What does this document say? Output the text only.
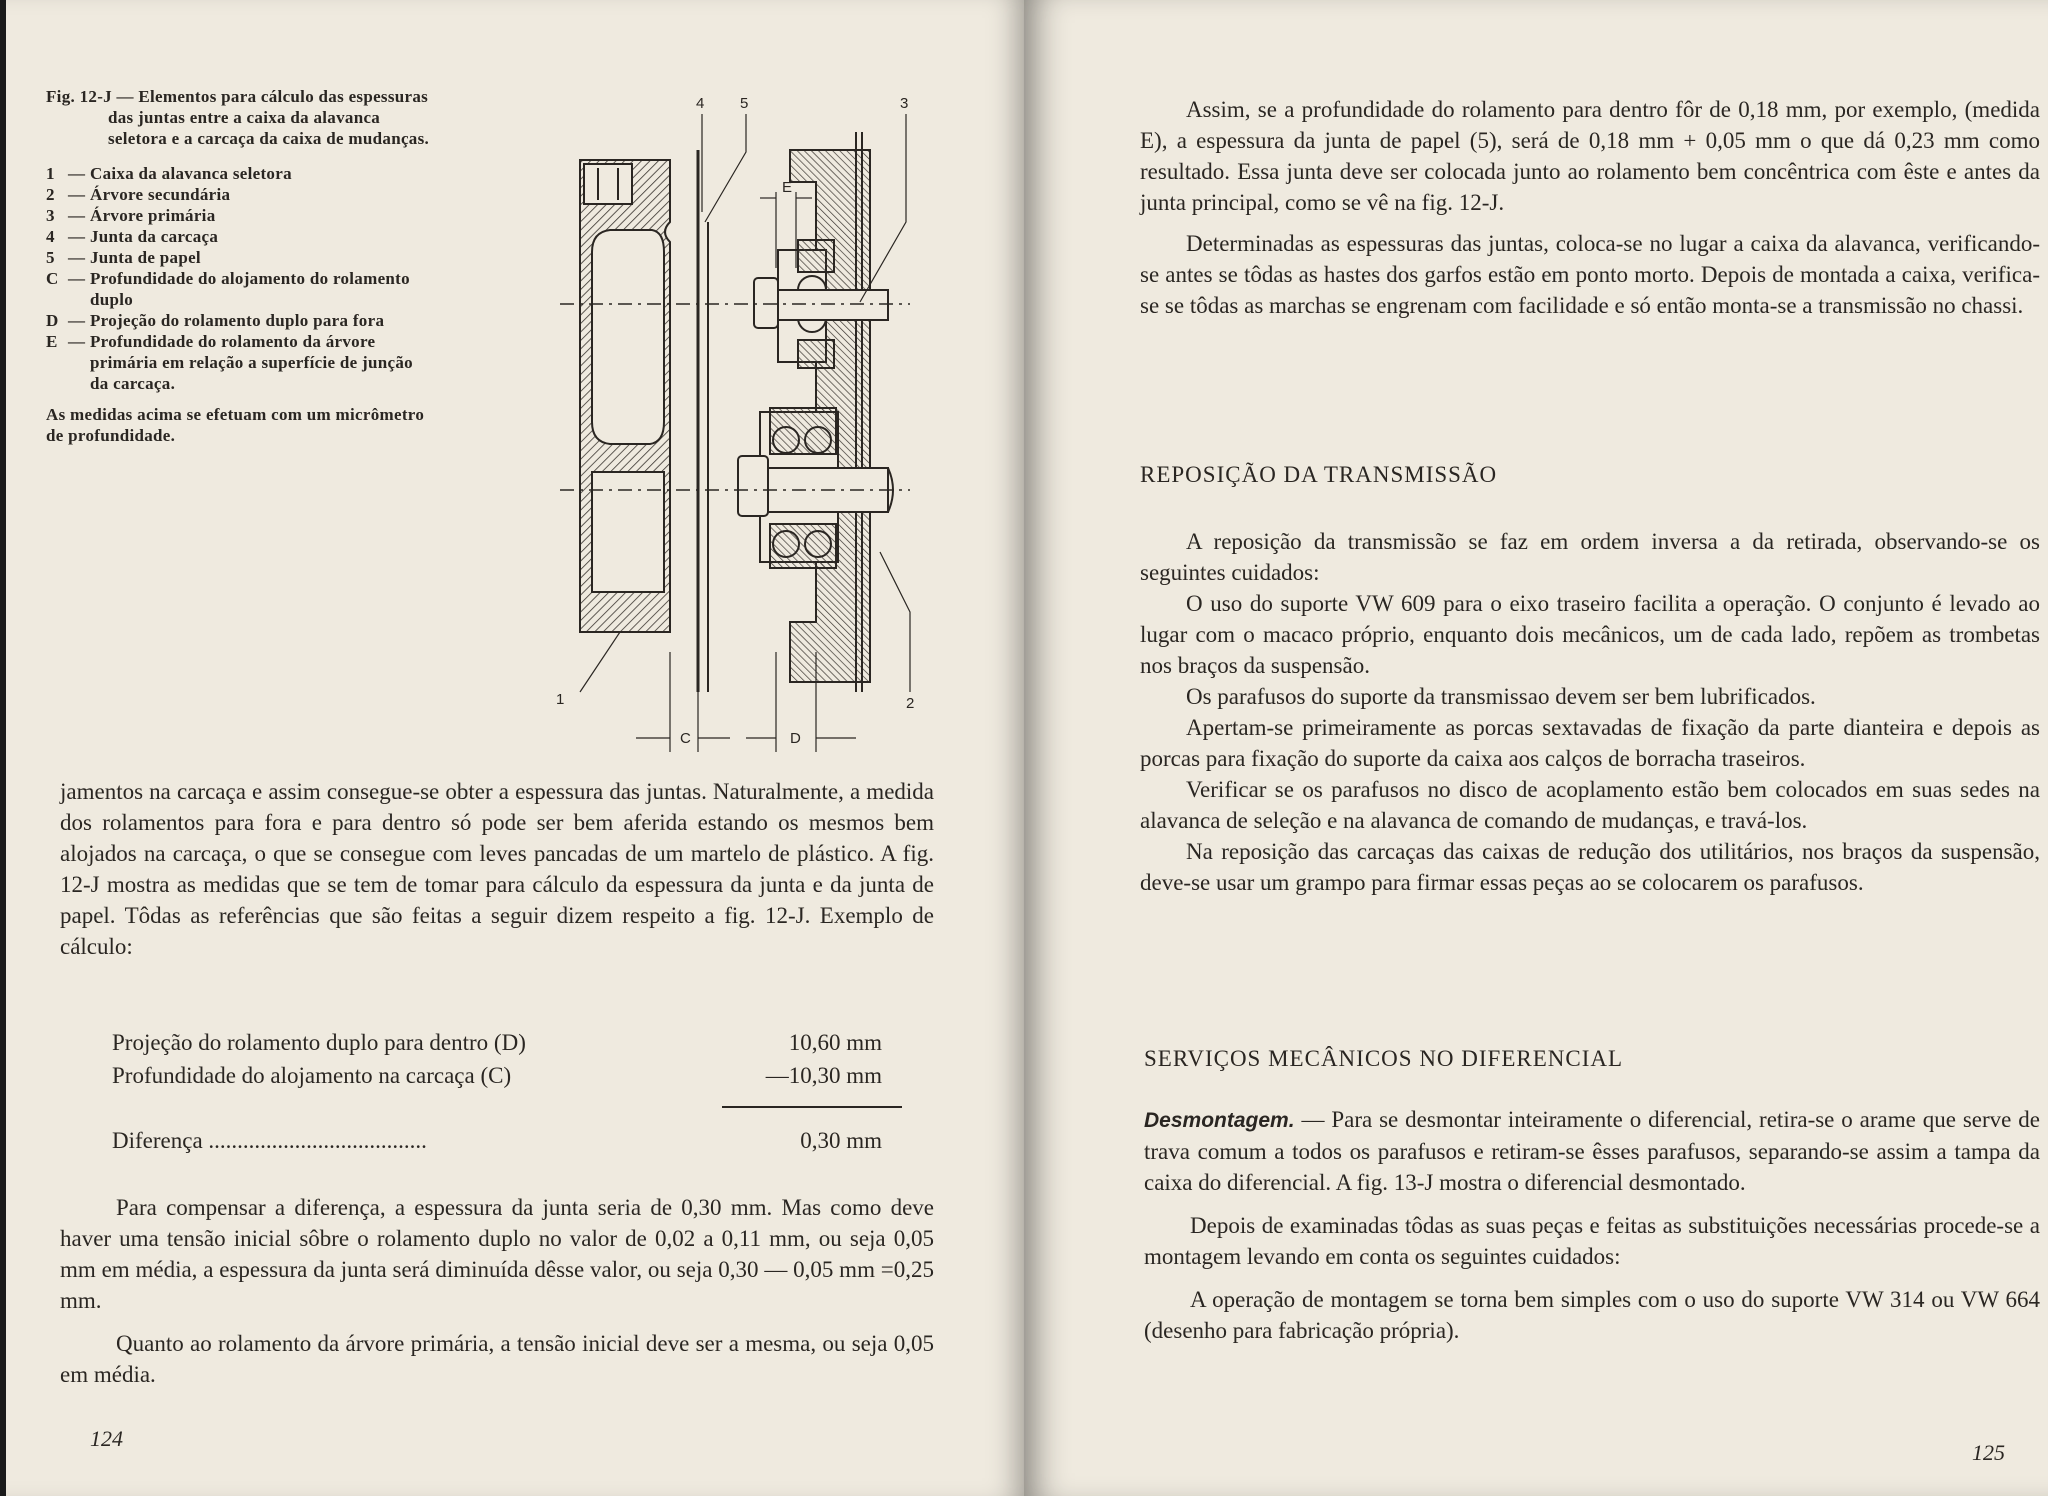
Fig. 12-J — Elementos para cálculo das espessuras das juntas entre a caixa da alavanca seletora e a carcaça da caixa de mudanças.
1 — Caixa da alavanca seletora
2 — Árvore secundária
3 — Árvore primária
4 — Junta da carcaça
5 — Junta de papel
C — Profundidade do alojamento do rolamento duplo
D — Projeção do rolamento duplo para fora
E — Profundidade do rolamento da árvore primária em relação a superfície de junção da carcaça.
As medidas acima se efetuam com um micrômetro de profundidade.
4 5	3
E
1	2
C	D
jamentos na carcaça e assim consegue-se obter a espessura das juntas. Naturalmente, a medida dos rolamentos para fora e para dentro só pode ser bem aferida estando os mesmos bem alojados na carcaça, o que se consegue com leves pancadas de um martelo de plástico. A fig. 12-J mostra as medidas que se tem de tomar para cálculo da espessura da junta e da junta de papel. Tôdas as referências que são feitas a seguir dizem respeito a fig. 12-J. Exemplo de cálculo:
Projeção do rolamento duplo para dentro (D)	10,60 mm
Profundidade do alojamento na carcaça (C)	—10,30 mm
Diferença ......................................	0,30 mm

Para compensar a diferença, a espessura da junta seria de 0,30 mm. Mas como deve haver uma tensão inicial sôbre o rolamento duplo no valor de 0,02 a 0,11 mm, ou seja 0,05 mm em média, a espessura da junta será diminuída dêsse valor, ou seja 0,30 — 0,05 mm =0,25 mm.

Quanto ao rolamento da árvore primária, a tensão inicial deve ser a mesma, ou seja 0,05 em média.

124

Assim, se a profundidade do rolamento para dentro fôr de 0,18 mm, por exemplo, (medida E), a espessura da junta de papel (5), será de 0,18 mm + 0,05 mm o que dá 0,23 mm como resultado. Essa junta deve ser colocada junto ao rolamento bem concêntrica com êste e antes da junta principal, como se vê na fig. 12-J.

Determinadas as espessuras das juntas, coloca-se no lugar a caixa da alavanca, verificando-se antes se tôdas as hastes dos garfos estão em ponto morto. Depois de montada a caixa, verifica-se se tôdas as marchas se engrenam com facilidade e só então monta-se a transmissão no chassi.

REPOSIÇÃO DA TRANSMISSÃO

A reposição da transmissão se faz em ordem inversa a da retirada, observando-se os seguintes cuidados:

O uso do suporte VW 609 para o eixo traseiro facilita a operação. O conjunto é levado ao lugar com o macaco próprio, enquanto dois mecânicos, um de cada lado, repõem as trombetas nos braços da suspensão.

Os parafusos do suporte da transmissao devem ser bem lubrificados.

Apertam-se primeiramente as porcas sextavadas de fixação da parte dianteira e depois as porcas para fixação do suporte da caixa aos calços de borracha traseiros.

Verificar se os parafusos no disco de acoplamento estão bem colocados em suas sedes na alavanca de seleção e na alavanca de comando de mudanças, e travá-los.

Na reposição das carcaças das caixas de redução dos utilitários, nos braços da suspensão, deve-se usar um grampo para firmar essas peças ao se colocarem os parafusos.

SERVIÇOS MECÂNICOS NO DIFERENCIAL

Desmontagem. — Para se desmontar inteiramente o diferencial, retira-se o arame que serve de trava comum a todos os parafusos e retiram-se êsses parafusos, separando-se assim a tampa da caixa do diferencial. A fig. 13-J mostra o diferencial desmontado.

Depois de examinadas tôdas as suas peças e feitas as substituições necessárias procede-se a montagem levando em conta os seguintes cuidados:

A operação de montagem se torna bem simples com o uso do suporte VW 314 ou VW 664 (desenho para fabricação própria).

125
